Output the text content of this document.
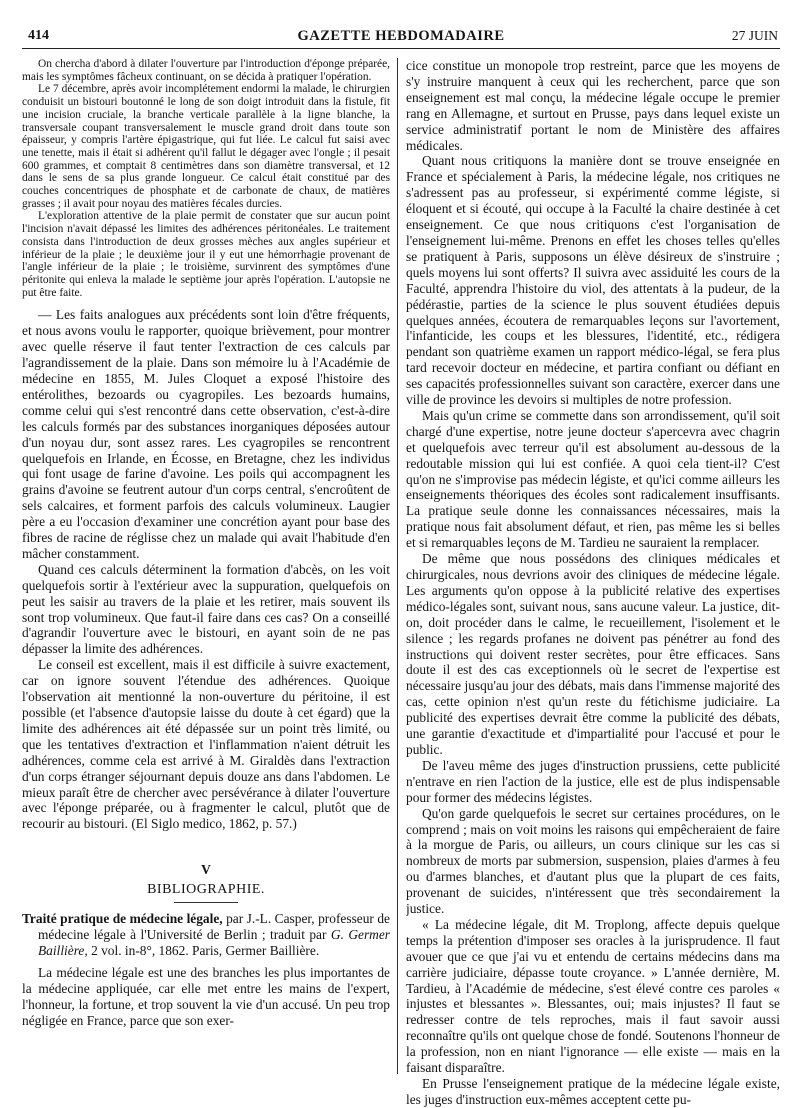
414	GAZETTE HEBDOMADAIRE	27 JUIN

On chercha d'abord à dilater l'ouverture par l'introduction d'éponge préparée, mais les symptômes fâcheux continuant, on se décida à pratiquer l'opération.

Le 7 décembre, après avoir incomplétement endormi la malade, le chirurgien conduisit un bistouri boutonné le long de son doigt introduit dans la fistule, fit une incision cruciale, la branche verticale parallèle à la ligne blanche, la transversale coupant transversalement le muscle grand droit dans toute son épaisseur, y compris l'artère épigastrique, qui fut liée. Le calcul fut saisi avec une tenette, mais il était si adhérent qu'il fallut le dégager avec l'ongle ; il pesait 600 grammes, et comptait 8 centimètres dans son diamètre transversal, et 12 dans le sens de sa plus grande longueur. Ce calcul était constitué par des couches concentriques de phosphate et de carbonate de chaux, de matières grasses ; il avait pour noyau des matières fécales durcies.

L'exploration attentive de la plaie permit de constater que sur aucun point l'incision n'avait dépassé les limites des adhérences péritonéales. Le traitement consista dans l'introduction de deux grosses mèches aux angles supérieur et inférieur de la plaie ; le deuxième jour il y eut une hémorrhagie provenant de l'angle inférieur de la plaie ; le troisième, survinrent des symptômes d'une péritonite qui enleva la malade le septième jour après l'opération. L'autopsie ne put être faite.

— Les faits analogues aux précédents sont loin d'être fréquents, et nous avons voulu le rapporter, quoique brièvement, pour montrer avec quelle réserve il faut tenter l'extraction de ces calculs par l'agrandissement de la plaie. Dans son mémoire lu à l'Académie de médecine en 1855, M. Jules Cloquet a exposé l'histoire des entérolithes, bezoards ou cyagropiles. Les bezoards humains, comme celui qui s'est rencontré dans cette observation, c'est-à-dire les calculs formés par des substances inorganiques déposées autour d'un noyau dur, sont assez rares. Les cyagropiles se rencontrent quelquefois en Irlande, en Écosse, en Bretagne, chez les individus qui font usage de farine d'avoine. Les poils qui accompagnent les grains d'avoine se feutrent autour d'un corps central, s'encroûtent de sels calcaires, et forment parfois des calculs volumineux. Laugier père a eu l'occasion d'examiner une concrétion ayant pour base des fibres de racine de réglisse chez un malade qui avait l'habitude d'en mâcher constamment.

Quand ces calculs déterminent la formation d'abcès, on les voit quelquefois sortir à l'extérieur avec la suppuration, quelquefois on peut les saisir au travers de la plaie et les retirer, mais souvent ils sont trop volumineux. Que faut-il faire dans ces cas? On a conseillé d'agrandir l'ouverture avec le bistouri, en ayant soin de ne pas dépasser la limite des adhérences.

Le conseil est excellent, mais il est difficile à suivre exactement, car on ignore souvent l'étendue des adhérences. Quoique l'observation ait mentionné la non-ouverture du péritoine, il est possible (et l'absence d'autopsie laisse du doute à cet égard) que la limite des adhérences ait été dépassée sur un point très limité, ou que les tentatives d'extraction et l'inflammation n'aient détruit les adhérences, comme cela est arrivé à M. Giraldès dans l'extraction d'un corps étranger séjournant depuis douze ans dans l'abdomen. Le mieux paraît être de chercher avec persévérance à dilater l'ouverture avec l'éponge préparée, ou à fragmenter le calcul, plutôt que de recourir au bistouri. (El Siglo medico, 1862, p. 57.)

V
BIBLIOGRAPHIE.
Traité pratique de médecine légale, par J.-L. Casper, professeur de médecine légale à l'Université de Berlin ; traduit par G. Germer Baillière, 2 vol. in-8°, 1862. Paris, Germer Baillière.

La médecine légale est une des branches les plus importantes de la médecine appliquée, car elle met entre les mains de l'expert, l'honneur, la fortune, et trop souvent la vie d'un accusé. Un peu trop négligée en France, parce que son exer-

cice constitue un monopole trop restreint, parce que les moyens de s'y instruire manquent à ceux qui les recherchent, parce que son enseignement est mal conçu, la médecine légale occupe le premier rang en Allemagne, et surtout en Prusse, pays dans lequel existe un service administratif portant le nom de Ministère des affaires médicales.

Quant nous critiquons la manière dont se trouve enseignée en France et spécialement à Paris, la médecine légale, nos critiques ne s'adressent pas au professeur, si expérimenté comme légiste, si éloquent et si écouté, qui occupe à la Faculté la chaire destinée à cet enseignement. Ce que nous critiquons c'est l'organisation de l'enseignement lui-même. Prenons en effet les choses telles qu'elles se pratiquent à Paris, supposons un élève désireux de s'instruire ; quels moyens lui sont offerts? Il suivra avec assiduité les cours de la Faculté, apprendra l'histoire du viol, des attentats à la pudeur, de la pédérastie, parties de la science le plus souvent étudiées depuis quelques années, écoutera de remarquables leçons sur l'avortement, l'infanticide, les coups et les blessures, l'identité, etc., rédigera pendant son quatrième examen un rapport médico-légal, se fera plus tard recevoir docteur en médecine, et partira confiant ou défiant en ses capacités professionnelles suivant son caractère, exercer dans une ville de province les devoirs si multiples de notre profession.

Mais qu'un crime se commette dans son arrondissement, qu'il soit chargé d'une expertise, notre jeune docteur s'apercevra avec chagrin et quelquefois avec terreur qu'il est absolument au-dessous de la redoutable mission qui lui est confiée. A quoi cela tient-il? C'est qu'on ne s'improvise pas médecin légiste, et qu'ici comme ailleurs les enseignements théoriques des écoles sont radicalement insuffisants. La pratique seule donne les connaissances nécessaires, mais la pratique nous fait absolument défaut, et rien, pas même les si belles et si remarquables leçons de M. Tardieu ne sauraient la remplacer.

De même que nous possédons des cliniques médicales et chirurgicales, nous devrions avoir des cliniques de médecine légale. Les arguments qu'on oppose à la publicité relative des expertises médico-légales sont, suivant nous, sans aucune valeur. La justice, dit-on, doit procéder dans le calme, le recueillement, l'isolement et le silence ; les regards profanes ne doivent pas pénétrer au fond des instructions qui doivent rester secrètes, pour être efficaces. Sans doute il est des cas exceptionnels où le secret de l'expertise est nécessaire jusqu'au jour des débats, mais dans l'immense majorité des cas, cette opinion n'est qu'un reste du fétichisme judiciaire. La publicité des expertises devrait être comme la publicité des débats, une garantie d'exactitude et d'impartialité pour l'accusé et pour le public.

De l'aveu même des juges d'instruction prussiens, cette publicité n'entrave en rien l'action de la justice, elle est de plus indispensable pour former des médecins légistes.

Qu'on garde quelquefois le secret sur certaines procédures, on le comprend ; mais on voit moins les raisons qui empêcheraient de faire à la morgue de Paris, ou ailleurs, un cours clinique sur les cas si nombreux de morts par submersion, suspension, plaies d'armes à feu ou d'armes blanches, et d'autant plus que la plupart de ces faits, provenant de suicides, n'intéressent que très secondairement la justice.

« La médecine légale, dit M. Troplong, affecte depuis quelque temps la prétention d'imposer ses oracles à la jurisprudence. Il faut avouer que ce que j'ai vu et entendu de certains médecins dans ma carrière judiciaire, dépasse toute croyance. » L'année dernière, M. Tardieu, à l'Académie de médecine, s'est élevé contre ces paroles « injustes et blessantes ». Blessantes, oui; mais injustes? Il faut se redresser contre de tels reproches, mais il faut savoir aussi reconnaître qu'ils ont quelque chose de fondé. Soutenons l'honneur de la profession, non en niant l'ignorance — elle existe — mais en la faisant disparaître.

En Prusse l'enseignement pratique de la médecine légale existe, les juges d'instruction eux-mêmes acceptent cette pu-
